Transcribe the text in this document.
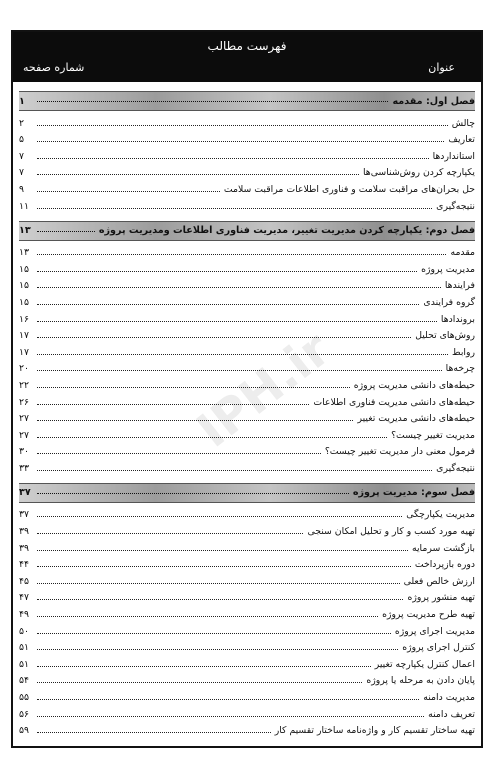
فهرست مطالب
عنوان
شماره صفحه
IPH.ir
فصل اول: مقدمه
۱
چالش
۲
تعاریف
۵
استانداردها
۷
یکپارچه کردن روش‌شناسی‌ها
۷
حل بحران‌های مراقبت سلامت و فناوری اطلاعات مراقبت سلامت
۹
نتیجه‌گیری
۱۱
فصل دوم: یکپارچه کردن مدیریت تغییر، مدیریت فناوری اطلاعات ومدیریت پروژه
۱۳
مقدمه
۱۳
مدیریت پروژه
۱۵
فرایندها
۱۵
گروه فرایندی
۱۵
بروندادها
۱۶
روش‌های تحلیل
۱۷
روابط
۱۷
چرخه‌ها
۲۰
حیطه‌های دانشی مدیریت پروژه
۲۲
حیطه‌های دانشی مدیریت فناوری اطلاعات
۲۶
حیطه‌های دانشی مدیریت تغییر
۲۷
مدیریت تغییر چیست؟
۲۷
فرمول معنی دار مدیریت تغییر چیست؟
۳۰
نتیجه‌گیری
۳۳
فصل سوم: مدیریت پروژه
۳۷
مدیریت یکپارچگی
۳۷
تهیه مورد کسب و کار و تحلیل امکان سنجی
۳۹
بازگشت سرمایه
۳۹
دوره بازپرداخت
۴۴
ارزش خالص فعلی
۴۵
تهیه منشور پروژه
۴۷
تهیه طرح مدیریت پروژه
۴۹
مدیریت اجرای پروژه
۵۰
کنترل اجرای پروژه
۵۱
اعمال کنترل یکپارچه تغییر
۵۱
پایان دادن به مرحله یا پروژه
۵۴
مدیریت دامنه
۵۵
تعریف دامنه
۵۶
تهیه ساختار تقسیم کار و واژه‌نامه ساختار تقسیم کار
۵۹
